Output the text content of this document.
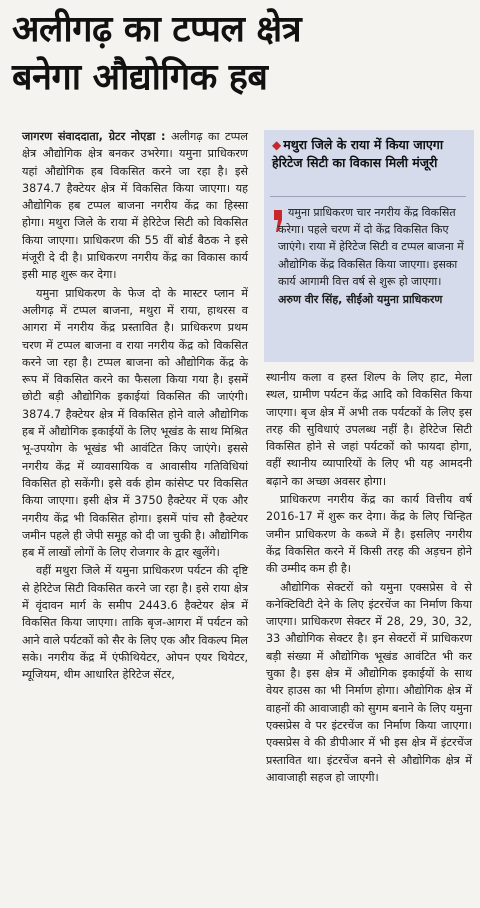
अलीगढ़ का टप्पल क्षेत्र
बनेगा औद्योगिक हब

जागरण संवाददाता, ग्रेटर नोएडा : अलीगढ़ का टप्पल क्षेत्र औद्योगिक क्षेत्र बनकर उभरेगा। यमुना प्राधिकरण यहां औद्योगिक हब विकसित करने जा रहा है। इसे 3874.7 हैक्टेयर क्षेत्र में विकसित किया जाएगा। यह औद्योगिक हब टप्पल बाजना नगरीय केंद्र का हिस्सा होगा। मथुरा जिले के राया में हेरिटेज सिटी को विकसित किया जाएगा। प्राधिकरण की 55 वीं बोर्ड बैठक ने इसे मंजूरी दे दी है। प्राधिकरण नगरीय केंद्र का विकास कार्य इसी माह शुरू कर देगा।

यमुना प्राधिकरण के फेज दो के मास्टर प्लान में अलीगढ़ में टप्पल बाजना, मथुरा में राया, हाथरस व आगरा में नगरीय केंद्र प्रस्तावित है। प्राधिकरण प्रथम चरण में टप्पल बाजना व राया नगरीय केंद्र को विकसित करने जा रहा है। टप्पल बाजना को औद्योगिक केंद्र के रूप में विकसित करने का फैसला किया गया है। इसमें छोटी बड़ी औद्योगिक इकाईयां विकसित की जाएंगी। 3874.7 हैक्टेयर क्षेत्र में विकसित होने वाले औद्योगिक हब में औद्योगिक इकाईयों के लिए भूखंड के साथ मिश्रित भू-उपयोग के भूखंड भी आवंटित किए जाएंगे। इससे नगरीय केंद्र में व्यावसायिक व आवासीय गतिविधियां विकसित हो सकेंगी। इसे वर्क होम कांसेप्ट पर विकसित किया जाएगा। इसी क्षेत्र में 3750 हैक्टेयर में एक और नगरीय केंद्र भी विकसित होगा। इसमें पांच सौ हैक्टेयर जमीन पहले ही जेपी समूह को दी जा चुकी है। औद्योगिक हब में लाखों लोगों के लिए रोजगार के द्वार खुलेंगे।

वहीं मथुरा जिले में यमुना प्राधिकरण पर्यटन की दृष्टि से हेरिटेज सिटी विकसित करने जा रहा है। इसे राया क्षेत्र में वृंदावन मार्ग के समीप 2443.6 हैक्टेयर क्षेत्र में विकसित किया जाएगा। ताकि बृज-आगरा में पर्यटन को आने वाले पर्यटकों को सैर के लिए एक और विकल्प मिल सके। नगरीय केंद्र में एंफीथियेटर, ओपन एयर थियेटर, म्यूजियम, थीम आधारित हेरिटेज सेंटर,

◆ मथुरा जिले के राया में किया जाएगा हेरिटेज सिटी का विकास मिली मंजूरी
यमुना प्राधिकरण चार नगरीय केंद्र विकसित करेगा। पहले चरण में दो केंद्र विकसित किए जाएंगे। राया में हेरिटेज सिटी व टप्पल बाजना में औद्योगिक केंद्र विकसित किया जाएगा। इसका कार्य आगामी वित्त वर्ष से शुरू हो जाएगा।
अरुण वीर सिंह, सीईओ यमुना प्राधिकरण

स्थानीय कला व हस्त शिल्प के लिए हाट, मेला स्थल, ग्रामीण पर्यटन केंद्र आदि को विकसित किया जाएगा। बृज क्षेत्र में अभी तक पर्यटकों के लिए इस तरह की सुविधाएं उपलब्ध नहीं है। हेरिटेज सिटी विकसित होने से जहां पर्यटकों को फायदा होगा, वहीं स्थानीय व्यापारियों के लिए भी यह आमदनी बढ़ाने का अच्छा अवसर होगा।

प्राधिकरण नगरीय केंद्र का कार्य वित्तीय वर्ष 2016-17 में शुरू कर देगा। केंद्र के लिए चिन्हित जमीन प्राधिकरण के कब्जे में है। इसलिए नगरीय केंद्र विकसित करने में किसी तरह की अड़चन होने की उम्मीद कम ही है।

औद्योगिक सेक्टरों को यमुना एक्सप्रेस वे से कनेक्टिविटी देने के लिए इंटरचेंज का निर्माण किया जाएगा। प्राधिकरण सेक्टर में 28, 29, 30, 32, 33 औद्योगिक सेक्टर है। इन सेक्टरों में प्राधिकरण बड़ी संख्या में औद्योगिक भूखंड आवंटित भी कर चुका है। इस क्षेत्र में औद्योगिक इकाईयों के साथ वेयर हाउस का भी निर्माण होगा। औद्योगिक क्षेत्र में वाहनों की आवाजाही को सुगम बनाने के लिए यमुना एक्सप्रेस वे पर इंटरचेंज का निर्माण किया जाएगा। एक्सप्रेस वे की डीपीआर में भी इस क्षेत्र में इंटरचेंज प्रस्तावित था। इंटरचेंज बनने से औद्योगिक क्षेत्र में आवाजाही सहज हो जाएगी।
